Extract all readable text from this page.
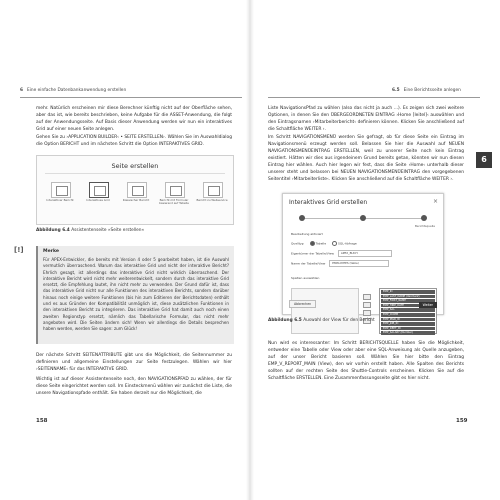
6 Eine einfache Datenbankanwendung erstellen
mehr. Natürlich erscheinen mir diese Berechner künftig nicht auf der Oberfläche sehen, aber das ist, wie bereits beschrieben, keine Aufgabe für die ASSET-Anwendung, die folgt auf der Anwendungsseite. Auf Basis dieser Anwendung werden wir nun ein interaktives Grid auf einer neuen Seite anlegen.
Gehen Sie zu ›APPLICATION BUILDER‹ • SEITE ERSTELLEN›. Wählen Sie im Auswahldialog die Option BERICHT und im nächsten Schritt die Option INTERAKTIVES GRID.
Seite erstellen
Interaktiver Bericht	Interaktives Grid	Klassischer Bericht	Bericht mit Formular basierend auf Tabelle
Bericht zu Webservice
Abbildung 6.4 Assistentenseite »Seite erstellen«
[!]	Merke
Für APEX-Entwickler, die bereits mit Version 4 oder 5 gearbeitet haben, ist die Auswahl vermutlich überraschend. Warum das interaktive Grid und nicht der interaktive Bericht? Ehrlich gesagt, ist allerdings das interaktive Grid nicht wirklich überraschend. Der interaktive Bericht wird nicht mehr weiterentwickelt, sondern durch das interaktive Grid ersetzt, die Empfehlung lautet, ihn nicht mehr zu verwenden. Der Grund dafür ist, dass das interaktive Grid nicht nur alle Funktionen des interaktiven Berichts, sondern darüber hinaus noch einige weitere Funktionen (bis hin zum Editieren der Berichtsdaten) enthält und es aus Gründen der Kompatibilität unmöglich ist, diese zusätzlichen Funktionen in den interaktiven Bericht zu integrieren. Das interaktive Grid hat damit auch noch einen zweiten Regionstyp ersetzt, nämlich das Tabellarische Formular, das nicht mehr angeboten wird. Die Seiten ändern sich! Wenn wir allerdings die Details besprechen haben werden, werden Sie sagen: zum Glück!
Der nächste Schritt SEITENATTRIBUTE gibt uns die Möglichkeit, die Seitennummer zu definieren und allgemeine Einstellungen zur Seite festzulegen. Wählen wir hier ›SEITENNAME‹ für das INTERAKTIVE GRID.
Wichtig ist auf dieser Assistentenseite noch, den NAVIGATIONSPFAD zu wählen, der für diese Seite eingerichtet werden soll. Im Einsteckmenü wählen wir zunächst die Liste, die unsere Navigationspfade enthält. Sie haben derzeit nur die Möglichkeit, die
158
6.5 Eine Berichtsseite anlegen
6
Liste NavigationsPfad zu wählen (also das nicht ja auch ...). Es zeigen sich zwei weitere Optionen, in denen Sie den ÜBERGEORDNETEN EINTRAG ›Home [leitel]‹ auswählen und den Eintragsnamen ›Mitarbeiterbericht‹ definieren können. Klicken Sie anschließend auf die Schaltfläche WEITER ›.
Im Schritt NAVIGATIONSMENÜ werden Sie gefragt, ob für diese Seite ein Eintrag im Navigationsmenü erzeugt werden soll. Belassen Sie hier die Auswahl auf NEUEN NAVIGATIONSMENÜEINTRAG ERSTELLEN, weil zu unserer Seite noch kein Eintrag existiert. Hätten wir dies aus irgendeinem Grund bereits getan, könnten wir nun diesen Eintrag hier wählen. Auch hier legen wir fest, dass die Seite ›Home‹ unterhalb dieser unserer steht und belassen bei NEUEN NAVIGATIONSMENÜEINTRAG den vorgegebenen Seitentitel ›Mitarbeiterliste‹. Klicken Sie anschließend auf die Schaltfläche WEITER ›.
Interaktives Grid erstellen	×
Berichtsquelle
Bearbeitung aktiviert
Quelltyp	Tabelle	SQL-Abfrage
Eigentümer der Tabelle/View APEX_BUCH
Name der Tabelle/View EMPLOYEES (table)
Spalten auswählen
EMP_ID
EMP_LAST_NAME (Varchar2)
EMP_FIRST_NAME
EMP_HIRE_DATE
EMP_SAL
EMP_COMM
EMP_MGR_ID
EMP_JOB_ID
EMP_DEPT_ID
EMP_SALARY (Number)
Abbrechen	Weiter
Abbildung 6.5 Auswahl der View für den Bericht
Nun wird es interessanter: Im Schritt BERICHTSQUELLE haben Sie die Möglichkeit, entweder eine Tabelle oder View oder aber eine SQL-Anweisung als Quelle anzugeben, auf der unser Bericht basieren soll. Wählen Sie hier bitte den Eintrag EMP_V_REPORT_MAIN (View), den wir vorhin erstellt haben. Alle Spalten des Berichts sollten auf der rechten Seite des Shuttle-Controls erscheinen. Klicken Sie auf die Schaltfläche ERSTELLEN. Eine Zusammenfassungsseite gibt es hier nicht.
159
